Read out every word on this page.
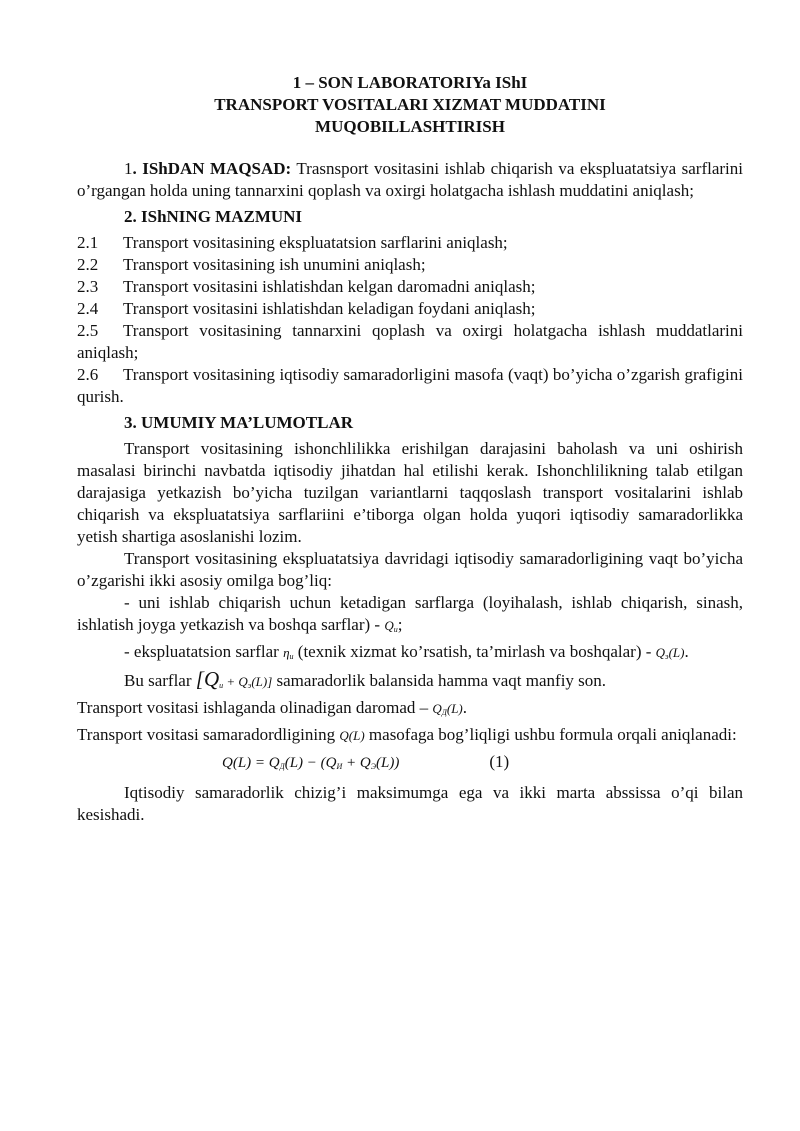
1 – SON LABORATORIYa IShI
TRANSPORT VOSITALARI XIZMAT MUDDATINI
MUQOBILLASHTIRISH

1. IShDAN MAQSAD: Trasnsport vositasini ishlab chiqarish va ekspluatatsiya sarflarini o’rgangan holda uning tannarxini qoplash va oxirgi holatgacha ishlash muddatini aniqlash;

2. IShNING MAZMUNI

2.1 Transport vositasining ekspluatatsion sarflarini aniqlash;

2.2 Transport vositasining ish unumini aniqlash;

2.3 Transport vositasini ishlatishdan kelgan daromadni aniqlash;

2.4 Transport vositasini ishlatishdan keladigan foydani aniqlash;

2.5 Transport vositasining tannarxini qoplash va oxirgi holatgacha ishlash muddatlarini aniqlash;

2.6 Transport vositasining iqtisodiy samaradorligini masofa (vaqt) bo’yicha o’zgarish grafigini qurish.

3. UMUMIY MA’LUMOTLAR

Transport vositasining ishonchlilikka erishilgan darajasini baholash va uni oshirish masalasi birinchi navbatda iqtisodiy jihatdan hal etilishi kerak. Ishonchlilikning talab etilgan darajasiga yetkazish bo’yicha tuzilgan variantlarni taqqoslash transport vositalarini ishlab chiqarish va ekspluatatsiya sarflariini e’tiborga olgan holda yuqori iqtisodiy samaradorlikka yetish shartiga asoslanishi lozim.

Transport vositasining ekspluatatsiya davridagi iqtisodiy samaradorligining vaqt bo’yicha o’zgarishi ikki asosiy omilga bog’liq:

- uni ishlab chiqarish uchun ketadigan sarflarga (loyihalash, ishlab chiqarish, sinash, ishlatish joyga yetkazish va boshqa sarflar) - $Q_u$;

- ekspluatatsion sarflar $\eta_u$ (texnik xizmat ko’rsatish, ta’mirlash va boshqalar) - $Q_э(L)$.

Bu sarflar $[Q_u + Q_э(L)]$ samaradorlik balansida hamma vaqt manfiy son.

Transport vositasi ishlaganda olinadigan daromad – $Q_Д(L)$.

Transport vositasi samaradordligining Q(L) masofaga bog’liqligi ushbu formula orqali aniqlanadi:

$Q(L) = Q_Д(L) - (Q_И + Q_Э(L))$	(1)

Iqtisodiy samaradorlik chizig’i maksimumga ega va ikki marta abssissa o’qi bilan kesishadi.
